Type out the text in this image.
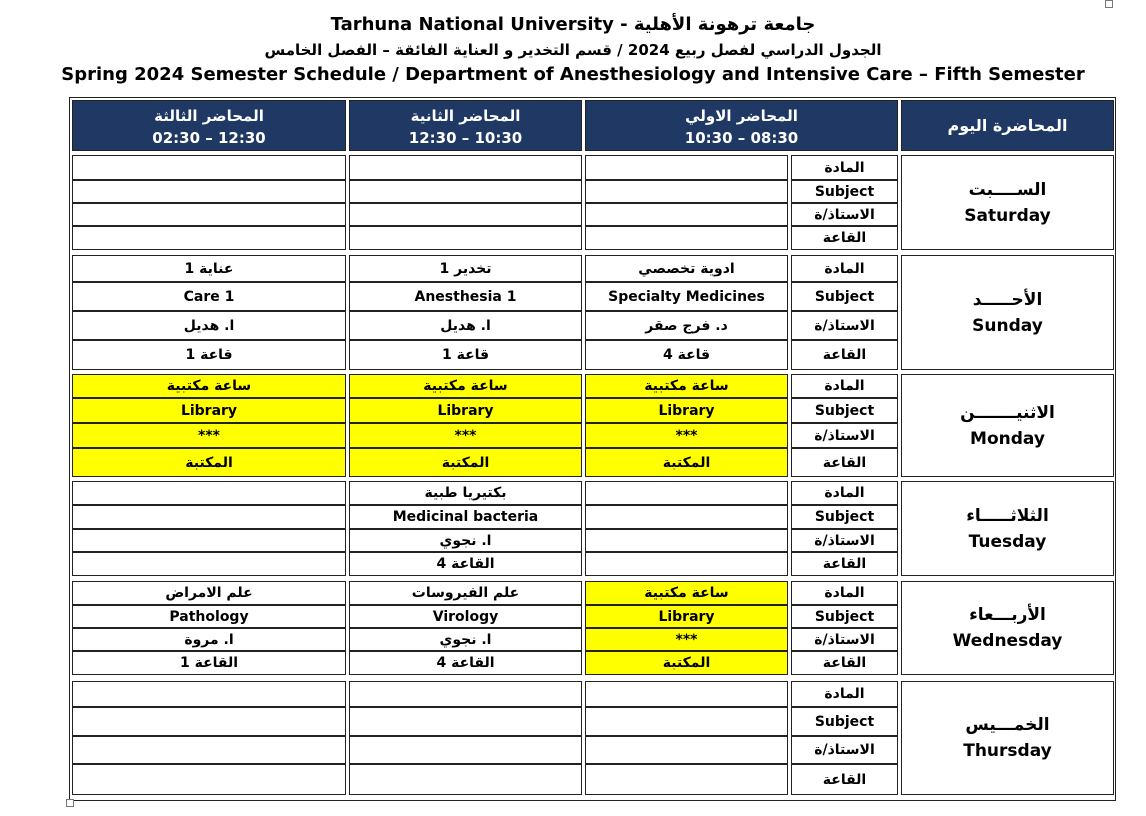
Tarhuna National University - جامعة ترهونة الأهلية
الجدول الدراسي لفصل ربيع 2024 / قسم التخدير و العناية الفائقة – الفصل الخامس
Spring 2024 Semester Schedule / Department of Anesthesiology and Intensive Care – Fifth Semester
المحاضر الثالثة
02:30 – 12:30
المحاضر الثانية
12:30 – 10:30
المحاضر الاولي
10:30 – 08:30
المحاضرة اليوم
الســــبت
Saturday
المادة
Subject
الاستاذ/ة
القاعة
الأحـــــد
Sunday
المادة
ادوية تخصصي
تخدير 1
عناية 1
Subject
Specialty Medicines
Anesthesia 1
Care 1
الاستاذ/ة
د. فرج صقر
ا. هديل
ا. هديل
القاعة
قاعة 4
قاعة 1
قاعة 1
الاثنيـــــــن
Monday
المادة
ساعة مكتبية
ساعة مكتبية
ساعة مكتبية
Subject
Library
Library
Library
الاستاذ/ة
***
***
***
القاعة
المكتبة
المكتبة
المكتبة
الثلاثـــــاء
Tuesday
المادة
بكتيريا طبية
Subject
Medicinal bacteria
الاستاذ/ة
ا. نجوي
القاعة
القاعة 4
الأربـــعاء
Wednesday
المادة
ساعة مكتبية
علم الفيروسات
علم الامراض
Subject
Library
Virology
Pathology
الاستاذ/ة
***
ا. نجوي
ا. مروة
القاعة
المكتبة
القاعة 4
القاعة 1
الخمـــيس
Thursday
المادة
Subject
الاستاذ/ة
القاعة
